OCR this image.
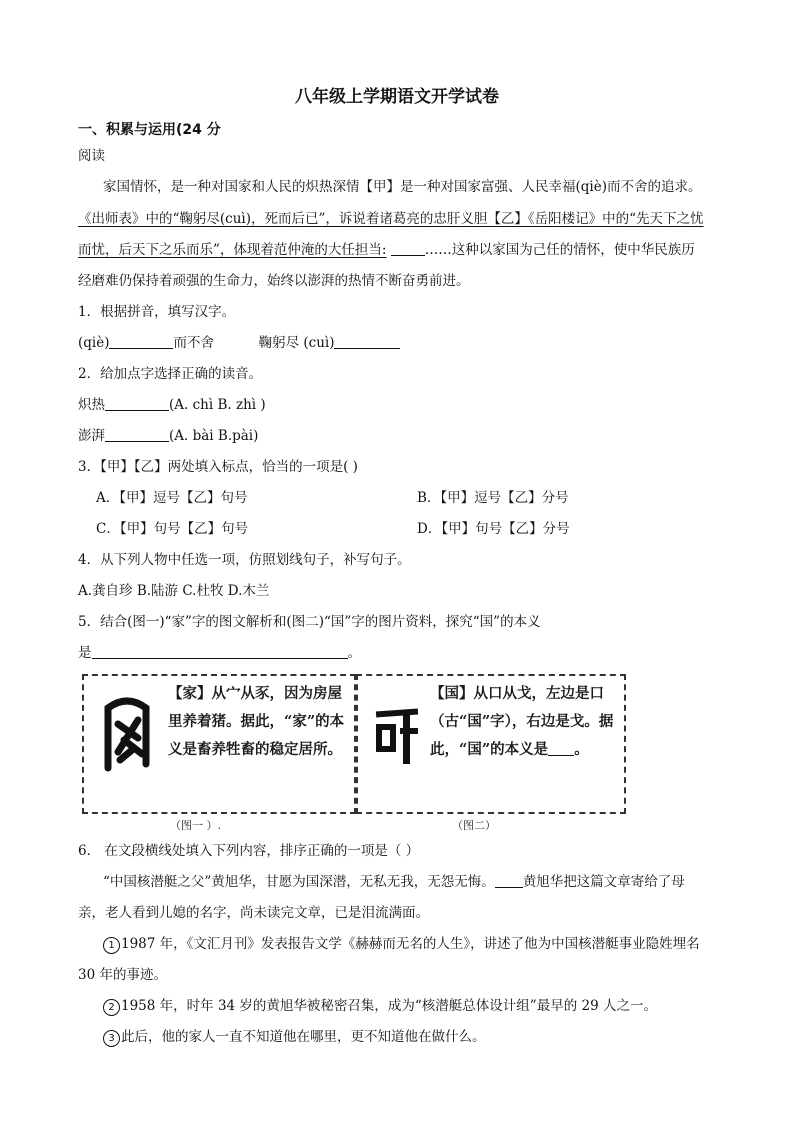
八年级上学期语文开学试卷
一、积累与运用(24 分
阅读
家国情怀，是一种对国家和人民的炽热深情【甲】是一种对国家富强、人民幸福(qiè)而不舍的追求。
《出师表》中的“鞠躬尽(cuì)，死而后已”，诉说着诸葛亮的忠肝义胆【乙】《岳阳楼记》中的“先天下之忧
而忧，后天下之乐而乐”，体现着范仲淹的大任担当:	……这种以家国为己任的情怀，使中华民族历
经磨难仍保持着顽强的生命力，始终以澎湃的热情不断奋勇前进。
1．根据拼音，填写汉字。
(qiè)	而不舍	鞠躬尽 (cuì)
2．给加点字选择正确的读音。
炽热	(A. chì B. zhì )
澎湃	(A. bài B.pài)
3．【甲】【乙】两处填入标点，恰当的一项是( )
A．【甲】逗号【乙】句号	B．【甲】逗号【乙】分号
C．【甲】句号【乙】句号	D．【甲】句号【乙】分号
4．从下列人物中任选一项，仿照划线句子，补写句子。
A.龚自珍 B.陆游 C.杜牧 D.木兰
5．结合(图一)“家”字的图文解析和(图二)“国”字的图片资料，探究“国”的本义
是	。
【家】从宀从豕，因为房屋里养着猪。据此，“家”的本义是畜养牲畜的稳定居所。
（图一 ）.
【国】从口从戈，左边是口（古“国”字），右边是戈。据此，“国”的本义是 。
（图二）
6． 在文段横线处填入下列内容，排序正确的一项是（ ）
“中国核潜艇之父”黄旭华，甘愿为国深潜，无私无我，无怨无悔。 黄旭华把这篇文章寄给了母
亲，老人看到儿媳的名字，尚未读完文章，已是泪流满面。
1 1987 年，《文汇月刊》发表报告文学《赫赫而无名的人生》，讲述了他为中国核潜艇事业隐姓埋名
30 年的事迹。
2 1958 年，时年 34 岁的黄旭华被秘密召集，成为“核潜艇总体设计组”最早的 29 人之一。
3 此后，他的家人一直不知道他在哪里，更不知道他在做什么。
